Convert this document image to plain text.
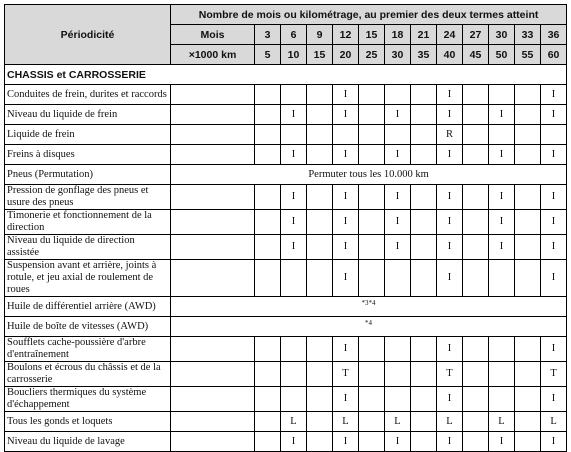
Périodicité	Nombre de mois ou kilométrage, au premier des deux termes atteint												
	Mois	3	6	9	12	15	18	21	24	27	30	33	36
	×1000 km	5	10	15	20	25	30	35	40	45	50	55	60
CHASSIS et CARROSSERIE													
Conduites de frein, durites et raccords					I				I				I
Niveau du liquide de frein			I		I		I		I		I		I
Liquide de frein									R				
Freins à disques			I		I		I		I		I		I
Pneus (Permutation)	Permuter tous les 10.000 km												
Pression de gonflage des pneus et usure des pneus			I		I		I		I		I		I
Timonerie et fonctionnement de la direction			I		I		I		I		I		I
Niveau du liquide de direction assistée			I		I		I		I		I		I
Suspension avant et arrière, joints à rotule, et jeu axial de roulement de roues					I				I				I
Huile de différentiel arrière (AWD)	*3*4												
Huile de boîte de vitesses (AWD)	*4												
Soufflets cache-poussière d'arbre d'entraînement					I				I				I
Boulons et écrous du châssis et de la carrosserie					T				T				T
Boucliers thermiques du système d'échappement					I				I				I
Tous les gonds et loquets			L		L		L		L		L		L
Niveau du liquide de lavage			I		I		I		I		I		I
